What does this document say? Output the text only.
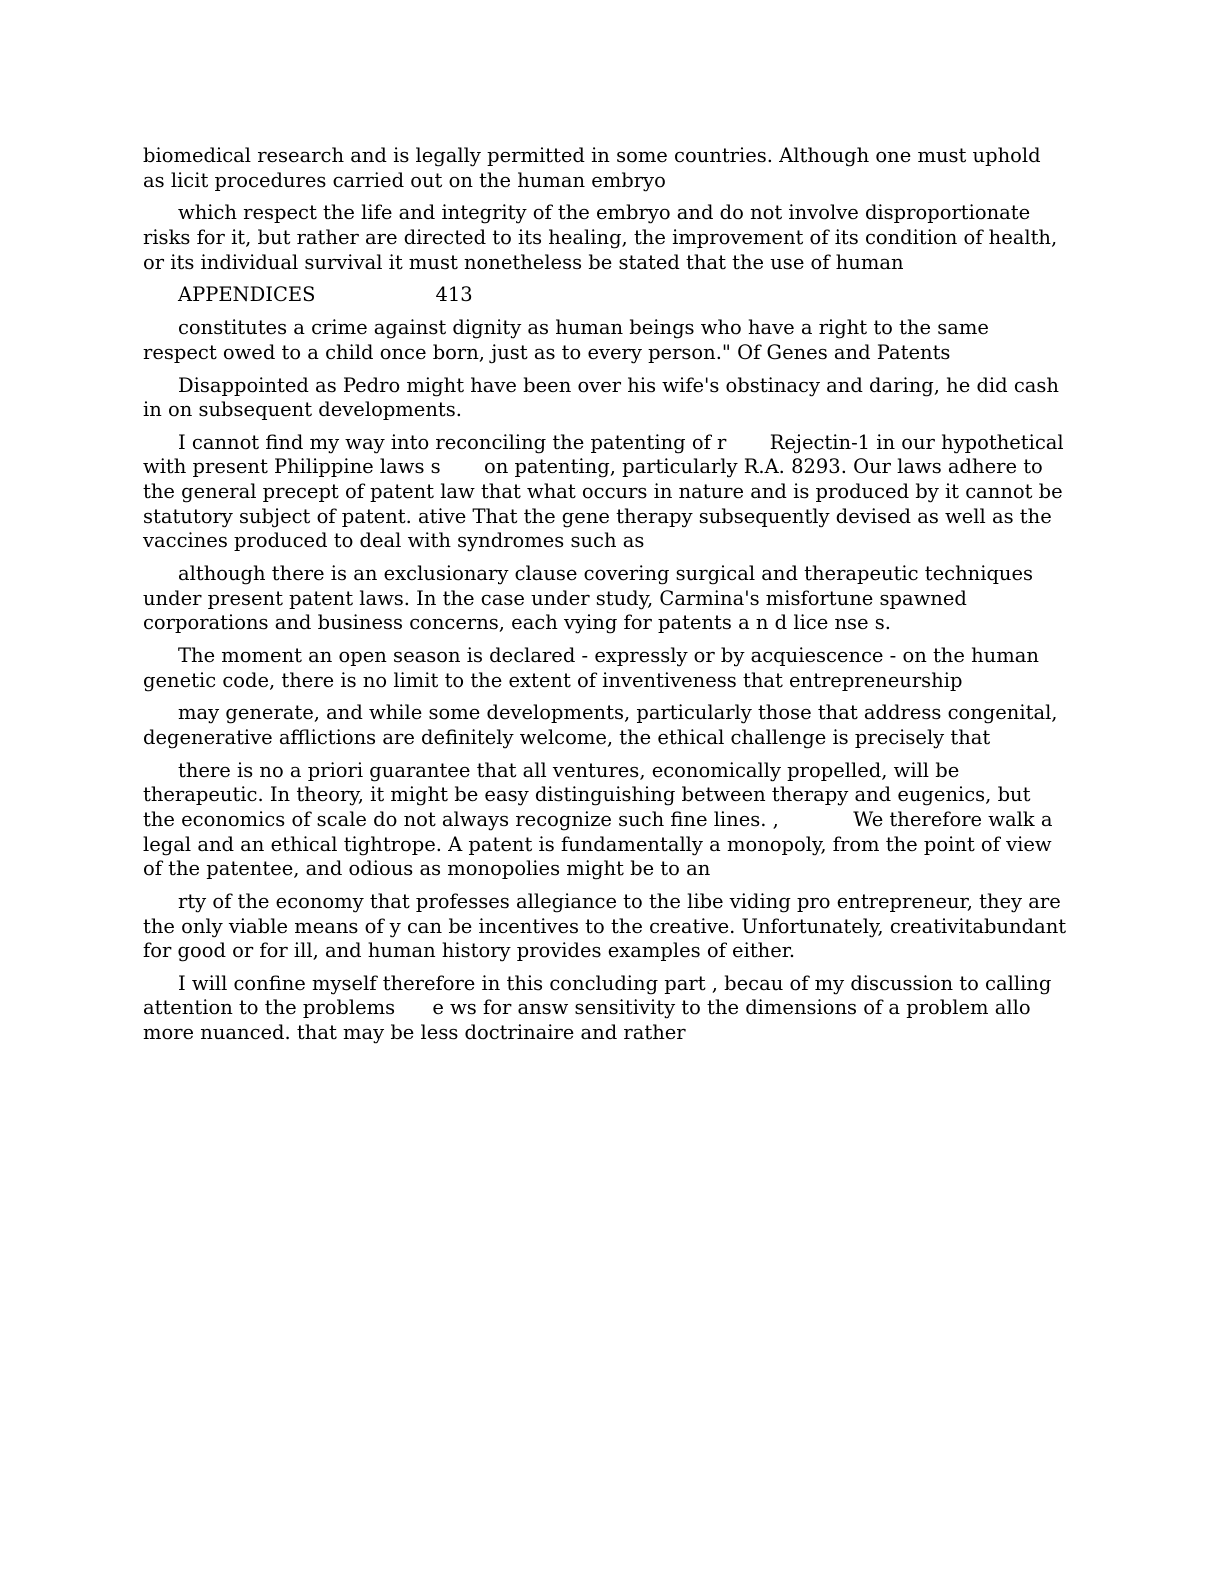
biomedical research and is legally permitted in some countries. Although one must uphold as licit procedures carried out on the human embryo

which respect the life and integrity of the embryo and do not involve disproportionate risks for it, but rather are directed to its healing, the improvement of its condition of health, or its individual survival it must nonetheless be stated that the use of human

APPENDICES	413

constitutes a crime against dignity as human beings who have a right to the same respect owed to a child once born, just as to every person." Of Genes and Patents

Disappointed as Pedro might have been over his wife's obstinacy and daring, he did cash in on subsequent developments.

I cannot find my way into reconciling the patenting of r       Rejectin-1 in our hypothetical with present Philippine laws s       on patenting, particularly R.A. 8293. Our laws adhere to the general precept of patent law that what occurs in nature and is produced by it cannot be statutory subject of patent. ative That the gene therapy subsequently devised as well as the vaccines produced to deal with syndromes such as

although there is an exclusionary clause covering surgical and therapeutic techniques under present patent laws. In the case under study, Carmina's misfortune spawned corporations and business concerns, each vying for patents a n d lice nse s.

The moment an open season is declared - expressly or by acquiescence - on the human genetic code, there is no limit to the extent of inventiveness that entrepreneurship

may generate, and while some developments, particularly those that address congenital, degenerative afflictions are definitely welcome, the ethical challenge is precisely that

there is no a priori guarantee that all ventures, economically propelled, will be therapeutic. In theory, it might be easy distinguishing between therapy and eugenics, but the economics of scale do not always recognize such fine lines. ,            We therefore walk a legal and an ethical tightrope. A patent is fundamentally a monopoly, from the point of view of the patentee, and odious as monopolies might be to an

rty of the economy that professes allegiance to the libe viding pro entrepreneur, they are the only viable means of y can be incentives to the creative. Unfortunately, creativitabundant for good or for ill, and human history provides examples of either.

I will confine myself therefore in this concluding part , becau of my discussion to calling attention to the problems      e ws for answ sensitivity to the dimensions of a problem allo more nuanced. that may be less doctrinaire and rather
